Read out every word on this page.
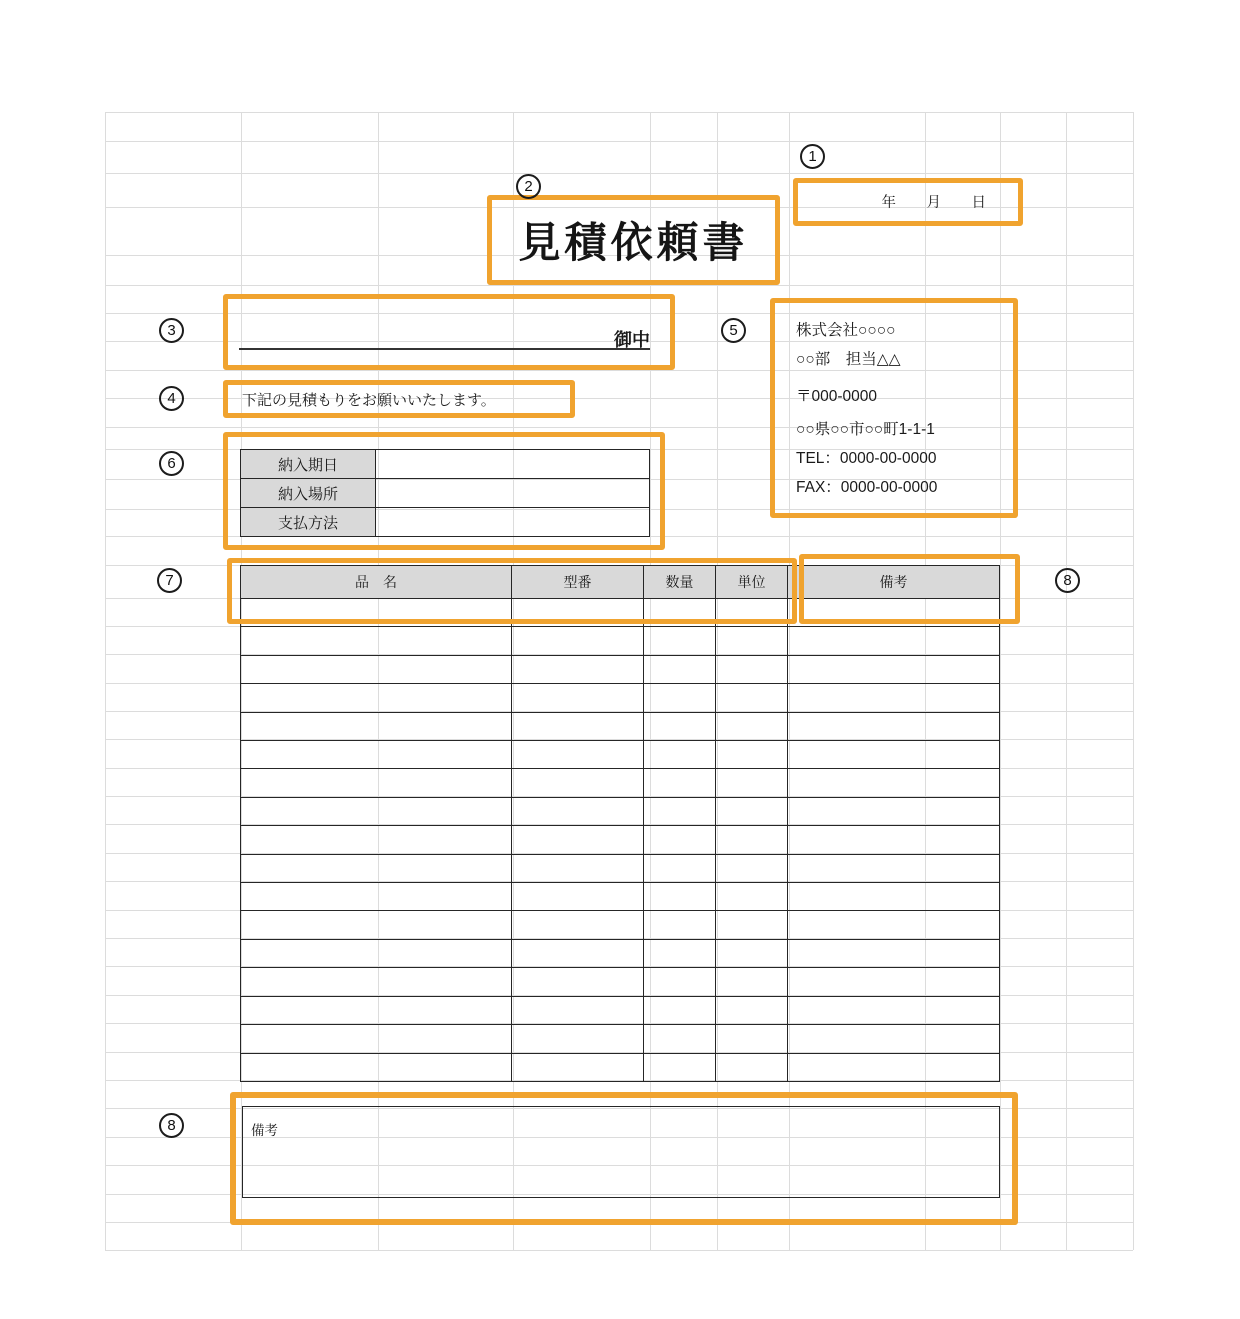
1
2
3
4
5
6
7	8
8
年　月　日
見積依頼書
御中
下記の見積もりをお願いいたします。
株式会社○○○○
○○部　担当△△
〒000-0000
○○県○○市○○町1-1-1
TEL：0000-00-0000
FAX：0000-00-0000
納入期日
納入場所
支払方法
品　名	型番	数量	単位	備考
備考
